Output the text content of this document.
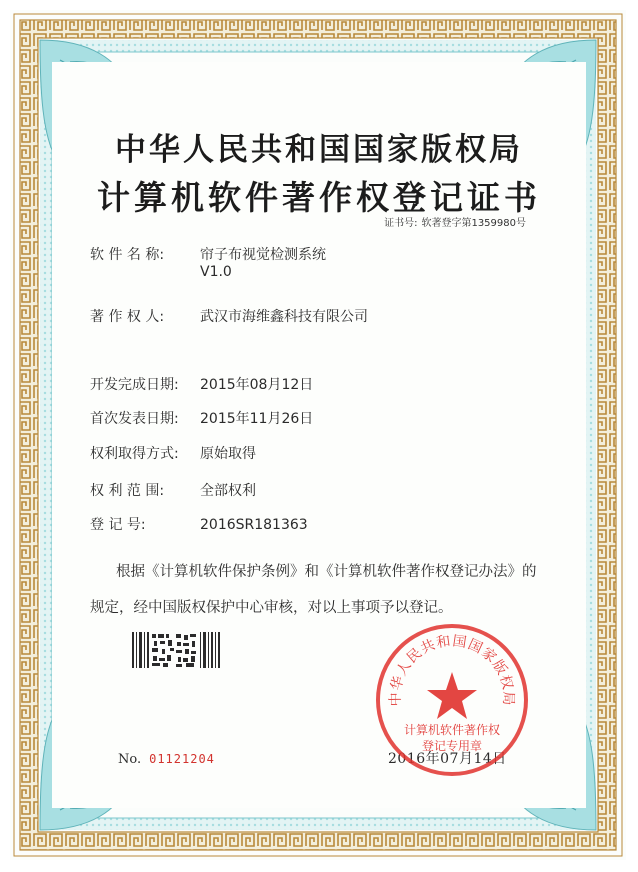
中华人民共和国国家版权局
计算机软件著作权登记证书
证书号: 软著登字第1359980号
软 件 名 称:	帘子布视觉检测系统
V1.0
著 作 权 人:	武汉市海维鑫科技有限公司
开发完成日期: 2015年08月12日
首次发表日期: 2015年11月26日
权利取得方式: 原始取得
权 利 范 围:	全部权利
登 记 号:	2016SR181363
根据《计算机软件保护条例》和《计算机软件著作权登记办法》的
规定，经中国版权保护中心审核，对以上事项予以登记。
No. 01121204	2016年07月14日
中华人民共和国国家版权局
计算机软件著作权
登记专用章
